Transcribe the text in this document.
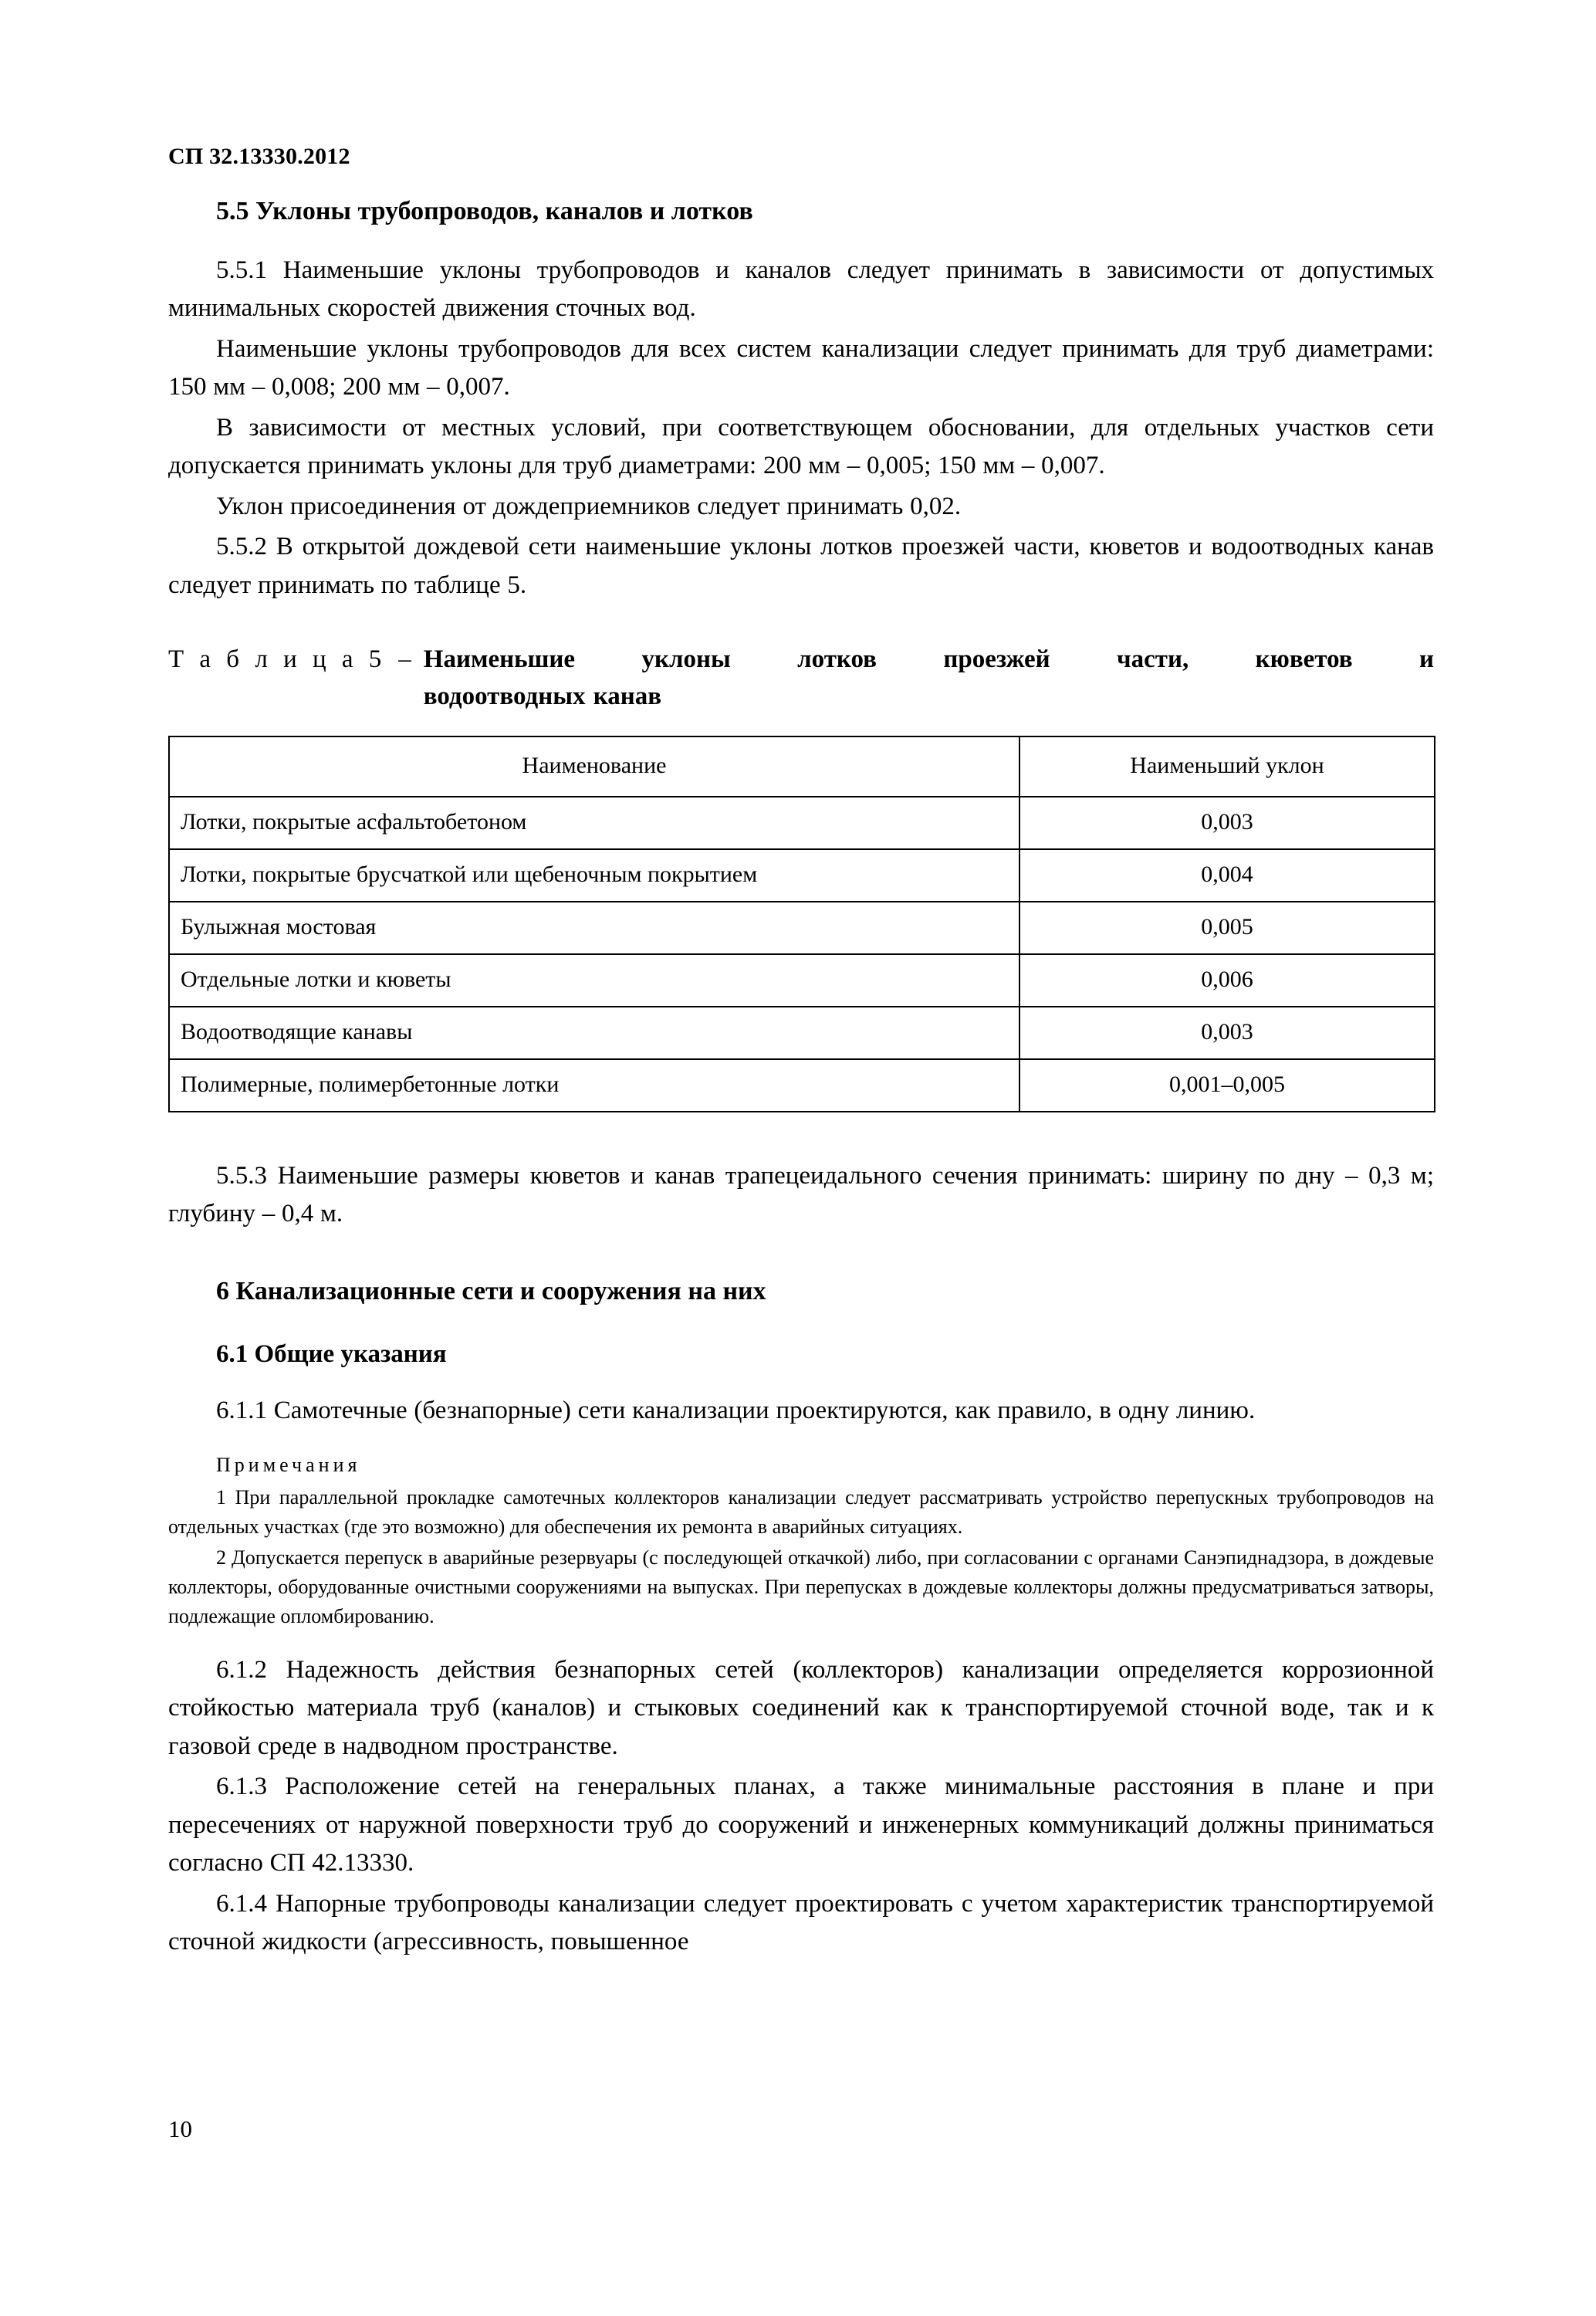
СП 32.13330.2012
5.5 Уклоны трубопроводов, каналов и лотков

5.5.1 Наименьшие уклоны трубопроводов и каналов следует принимать в зависимости от допустимых минимальных скоростей движения сточных вод.

Наименьшие уклоны трубопроводов для всех систем канализации следует принимать для труб диаметрами: 150 мм – 0,008; 200 мм – 0,007.

В зависимости от местных условий, при соответствующем обосновании, для отдельных участков сети допускается принимать уклоны для труб диаметрами: 200 мм – 0,005; 150 мм – 0,007.

Уклон присоединения от дождеприемников следует принимать 0,02.

5.5.2 В открытой дождевой сети наименьшие уклоны лотков проезжей части, кюветов и водоотводных канав следует принимать по таблице 5.

Т а б л и ц а 5 – Наименьшие уклоны лотков проезжей части, кюветов и
водоотводных канав
Наименование	Наименьший уклон
Лотки, покрытые асфальтобетоном	0,003
Лотки, покрытые брусчаткой или щебеночным покрытием	0,004
Булыжная мостовая	0,005
Отдельные лотки и кюветы	0,006
Водоотводящие канавы	0,003
Полимерные, полимербетонные лотки	0,001–0,005

5.5.3 Наименьшие размеры кюветов и канав трапецеидального сечения принимать: ширину по дну – 0,3 м; глубину – 0,4 м.

6 Канализационные сети и сооружения на них
6.1 Общие указания

6.1.1 Самотечные (безнапорные) сети канализации проектируются, как правило, в одну линию.

Примечания

1 При параллельной прокладке самотечных коллекторов канализации следует рассматривать устройство перепускных трубопроводов на отдельных участках (где это возможно) для обеспечения их ремонта в аварийных ситуациях.

2 Допускается перепуск в аварийные резервуары (с последующей откачкой) либо, при согласовании с органами Санэпиднадзора, в дождевые коллекторы, оборудованные очистными сооружениями на выпусках. При перепусках в дождевые коллекторы должны предусматриваться затворы, подлежащие опломбированию.

6.1.2 Надежность действия безнапорных сетей (коллекторов) канализации определяется коррозионной стойкостью материала труб (каналов) и стыковых соединений как к транспортируемой сточной воде, так и к газовой среде в надводном пространстве.

6.1.3 Расположение сетей на генеральных планах, а также минимальные расстояния в плане и при пересечениях от наружной поверхности труб до сооружений и инженерных коммуникаций должны приниматься согласно СП 42.13330.

6.1.4 Напорные трубопроводы канализации следует проектировать с учетом характеристик транспортируемой сточной жидкости (агрессивность, повышенное

10
